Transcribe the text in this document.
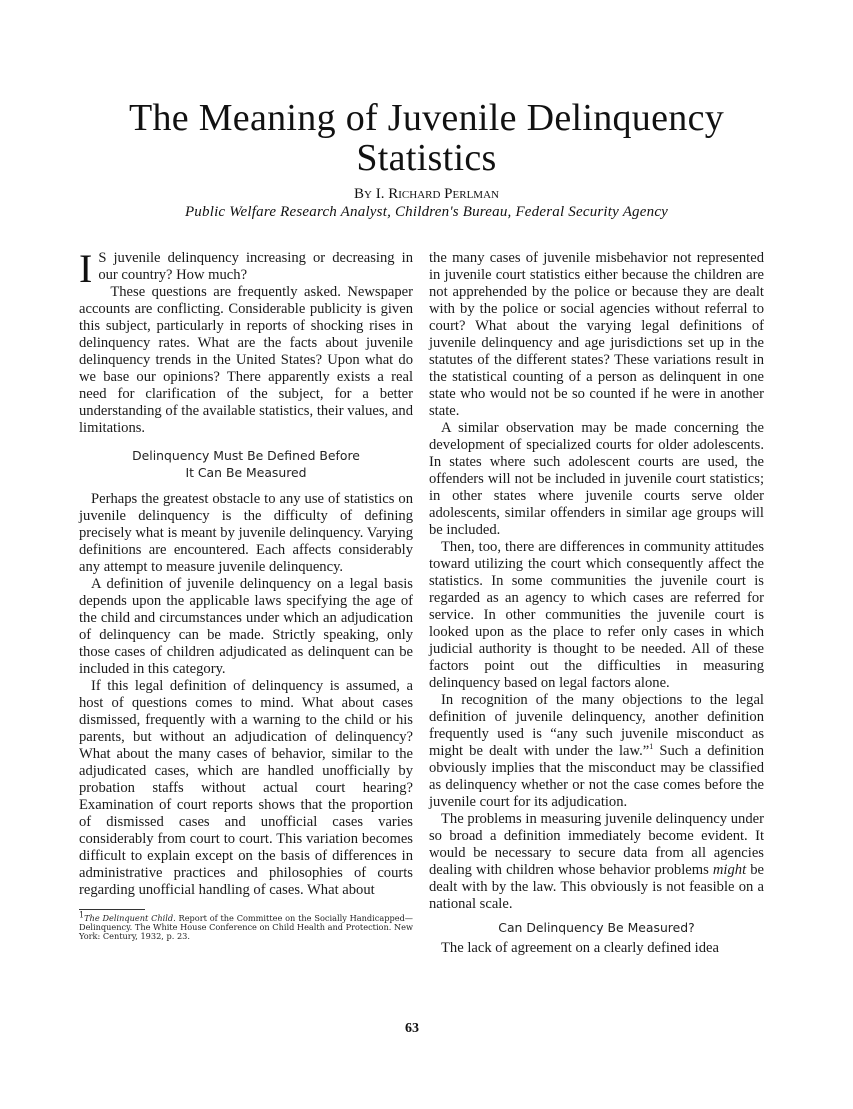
The Meaning of Juvenile Delinquency
Statistics
By I. Richard Perlman
Public Welfare Research Analyst, Children's Bureau, Federal Security Agency

I S juvenile delinquency increasing or decreasing in our country? How much?

These questions are frequently asked. Newspaper accounts are conflicting. Considerable publicity is given this subject, particularly in reports of shocking rises in delinquency rates. What are the facts about juvenile delinquency trends in the United States? Upon what do we base our opinions? There apparently exists a real need for clarification of the subject, for a better understanding of the available statistics, their values, and limitations.

Delinquency Must Be Defined Before
It Can Be Measured

Perhaps the greatest obstacle to any use of statistics on juvenile delinquency is the difficulty of defining precisely what is meant by juvenile delinquency. Varying definitions are encountered. Each affects considerably any attempt to measure juvenile delinquency.

A definition of juvenile delinquency on a legal basis depends upon the applicable laws specifying the age of the child and circumstances under which an adjudication of delinquency can be made. Strictly speaking, only those cases of children adjudicated as delinquent can be included in this category.

If this legal definition of delinquency is assumed, a host of questions comes to mind. What about cases dismissed, frequently with a warning to the child or his parents, but without an adjudication of delinquency? What about the many cases of behavior, similar to the adjudicated cases, which are handled unofficially by probation staffs without actual court hearing? Examination of court reports shows that the proportion of dismissed cases and unofficial cases varies considerably from court to court. This variation becomes difficult to explain except on the basis of differences in administrative practices and philosophies of courts regarding unofficial handling of cases. What about

$^1$The Delinquent Child. Report of the Committee on the Socially Handicapped—Delinquency. The White House Conference on Child Health and Protection. New York: Century, 1932, p. 23.

the many cases of juvenile misbehavior not represented in juvenile court statistics either because the children are not apprehended by the police or because they are dealt with by the police or social agencies without referral to court? What about the varying legal definitions of juvenile delinquency and age jurisdictions set up in the statutes of the different states? These variations result in the statistical counting of a person as delinquent in one state who would not be so counted if he were in another state.

A similar observation may be made concerning the development of specialized courts for older adolescents. In states where such adolescent courts are used, the offenders will not be included in juvenile court statistics; in other states where juvenile courts serve older adolescents, similar offenders in similar age groups will be included.

Then, too, there are differences in community attitudes toward utilizing the court which consequently affect the statistics. In some communities the juvenile court is regarded as an agency to which cases are referred for service. In other communities the juvenile court is looked upon as the place to refer only cases in which judicial authority is thought to be needed. All of these factors point out the difficulties in measuring delinquency based on legal factors alone.

In recognition of the many objections to the legal definition of juvenile delinquency, another definition frequently used is “any such juvenile misconduct as might be dealt with under the law.”$^1$ Such a definition obviously implies that the misconduct may be classified as delinquency whether or not the case comes before the juvenile court for its adjudication.

The problems in measuring juvenile delinquency under so broad a definition immediately become evident. It would be necessary to secure data from all agencies dealing with children whose behavior problems might be dealt with by the law. This obviously is not feasible on a national scale.

Can Delinquency Be Measured?

The lack of agreement on a clearly defined idea

63
